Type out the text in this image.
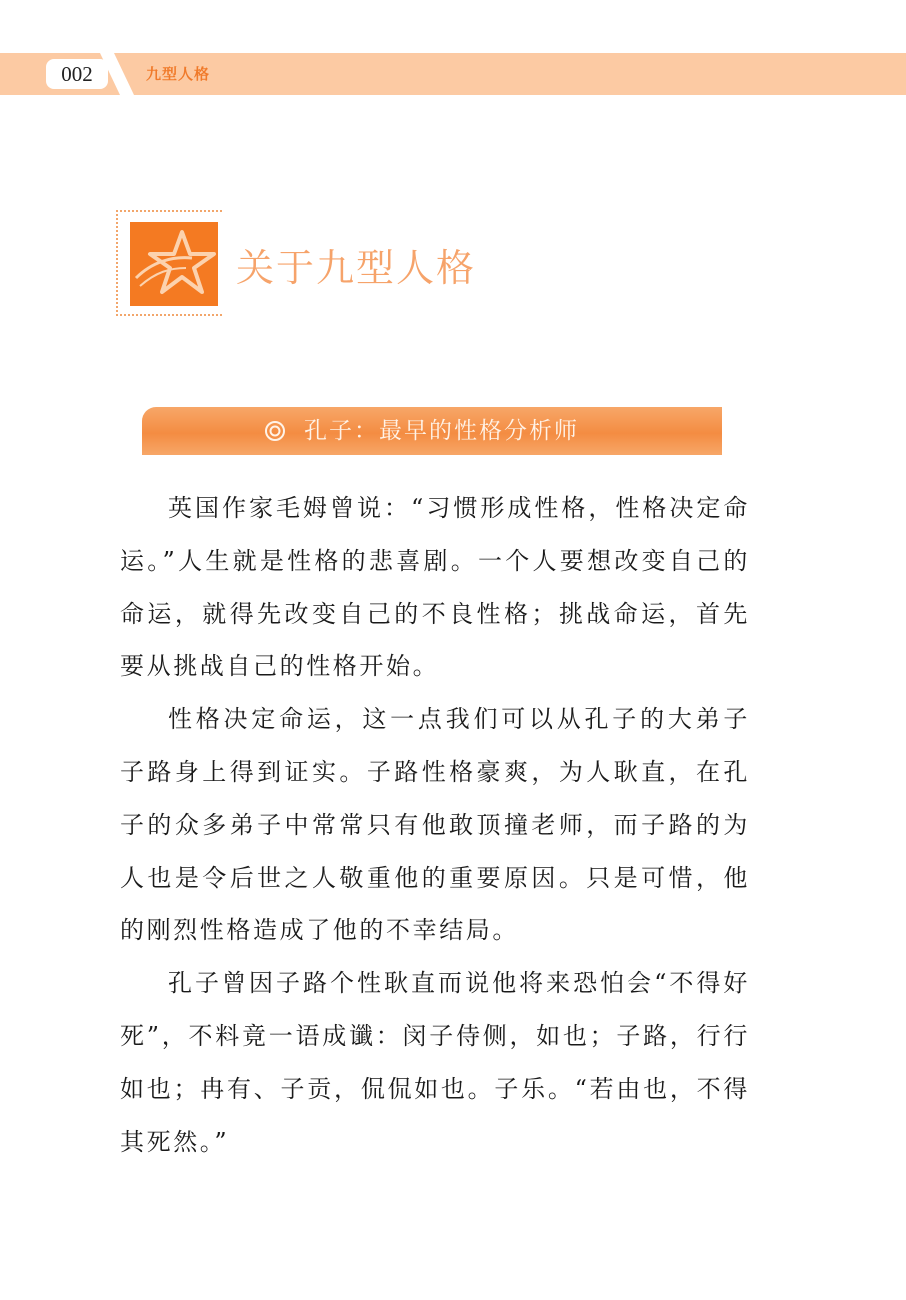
002	九型人格
关于九型人格
孔子：最早的性格分析师

英国作家毛姆曾说：“习惯形成性格，性格决定命运。”人生就是性格的悲喜剧。一个人要想改变自己的命运，就得先改变自己的不良性格；挑战命运，首先要从挑战自己的性格开始。

性格决定命运，这一点我们可以从孔子的大弟子子路身上得到证实。子路性格豪爽，为人耿直，在孔子的众多弟子中常常只有他敢顶撞老师，而子路的为人也是令后世之人敬重他的重要原因。只是可惜，他的刚烈性格造成了他的不幸结局。

孔子曾因子路个性耿直而说他将来恐怕会“不得好死”，不料竟一语成谶：闵子侍侧，如也；子路，行行如也；冉有、子贡，侃侃如也。子乐。“若由也，不得其死然。”
